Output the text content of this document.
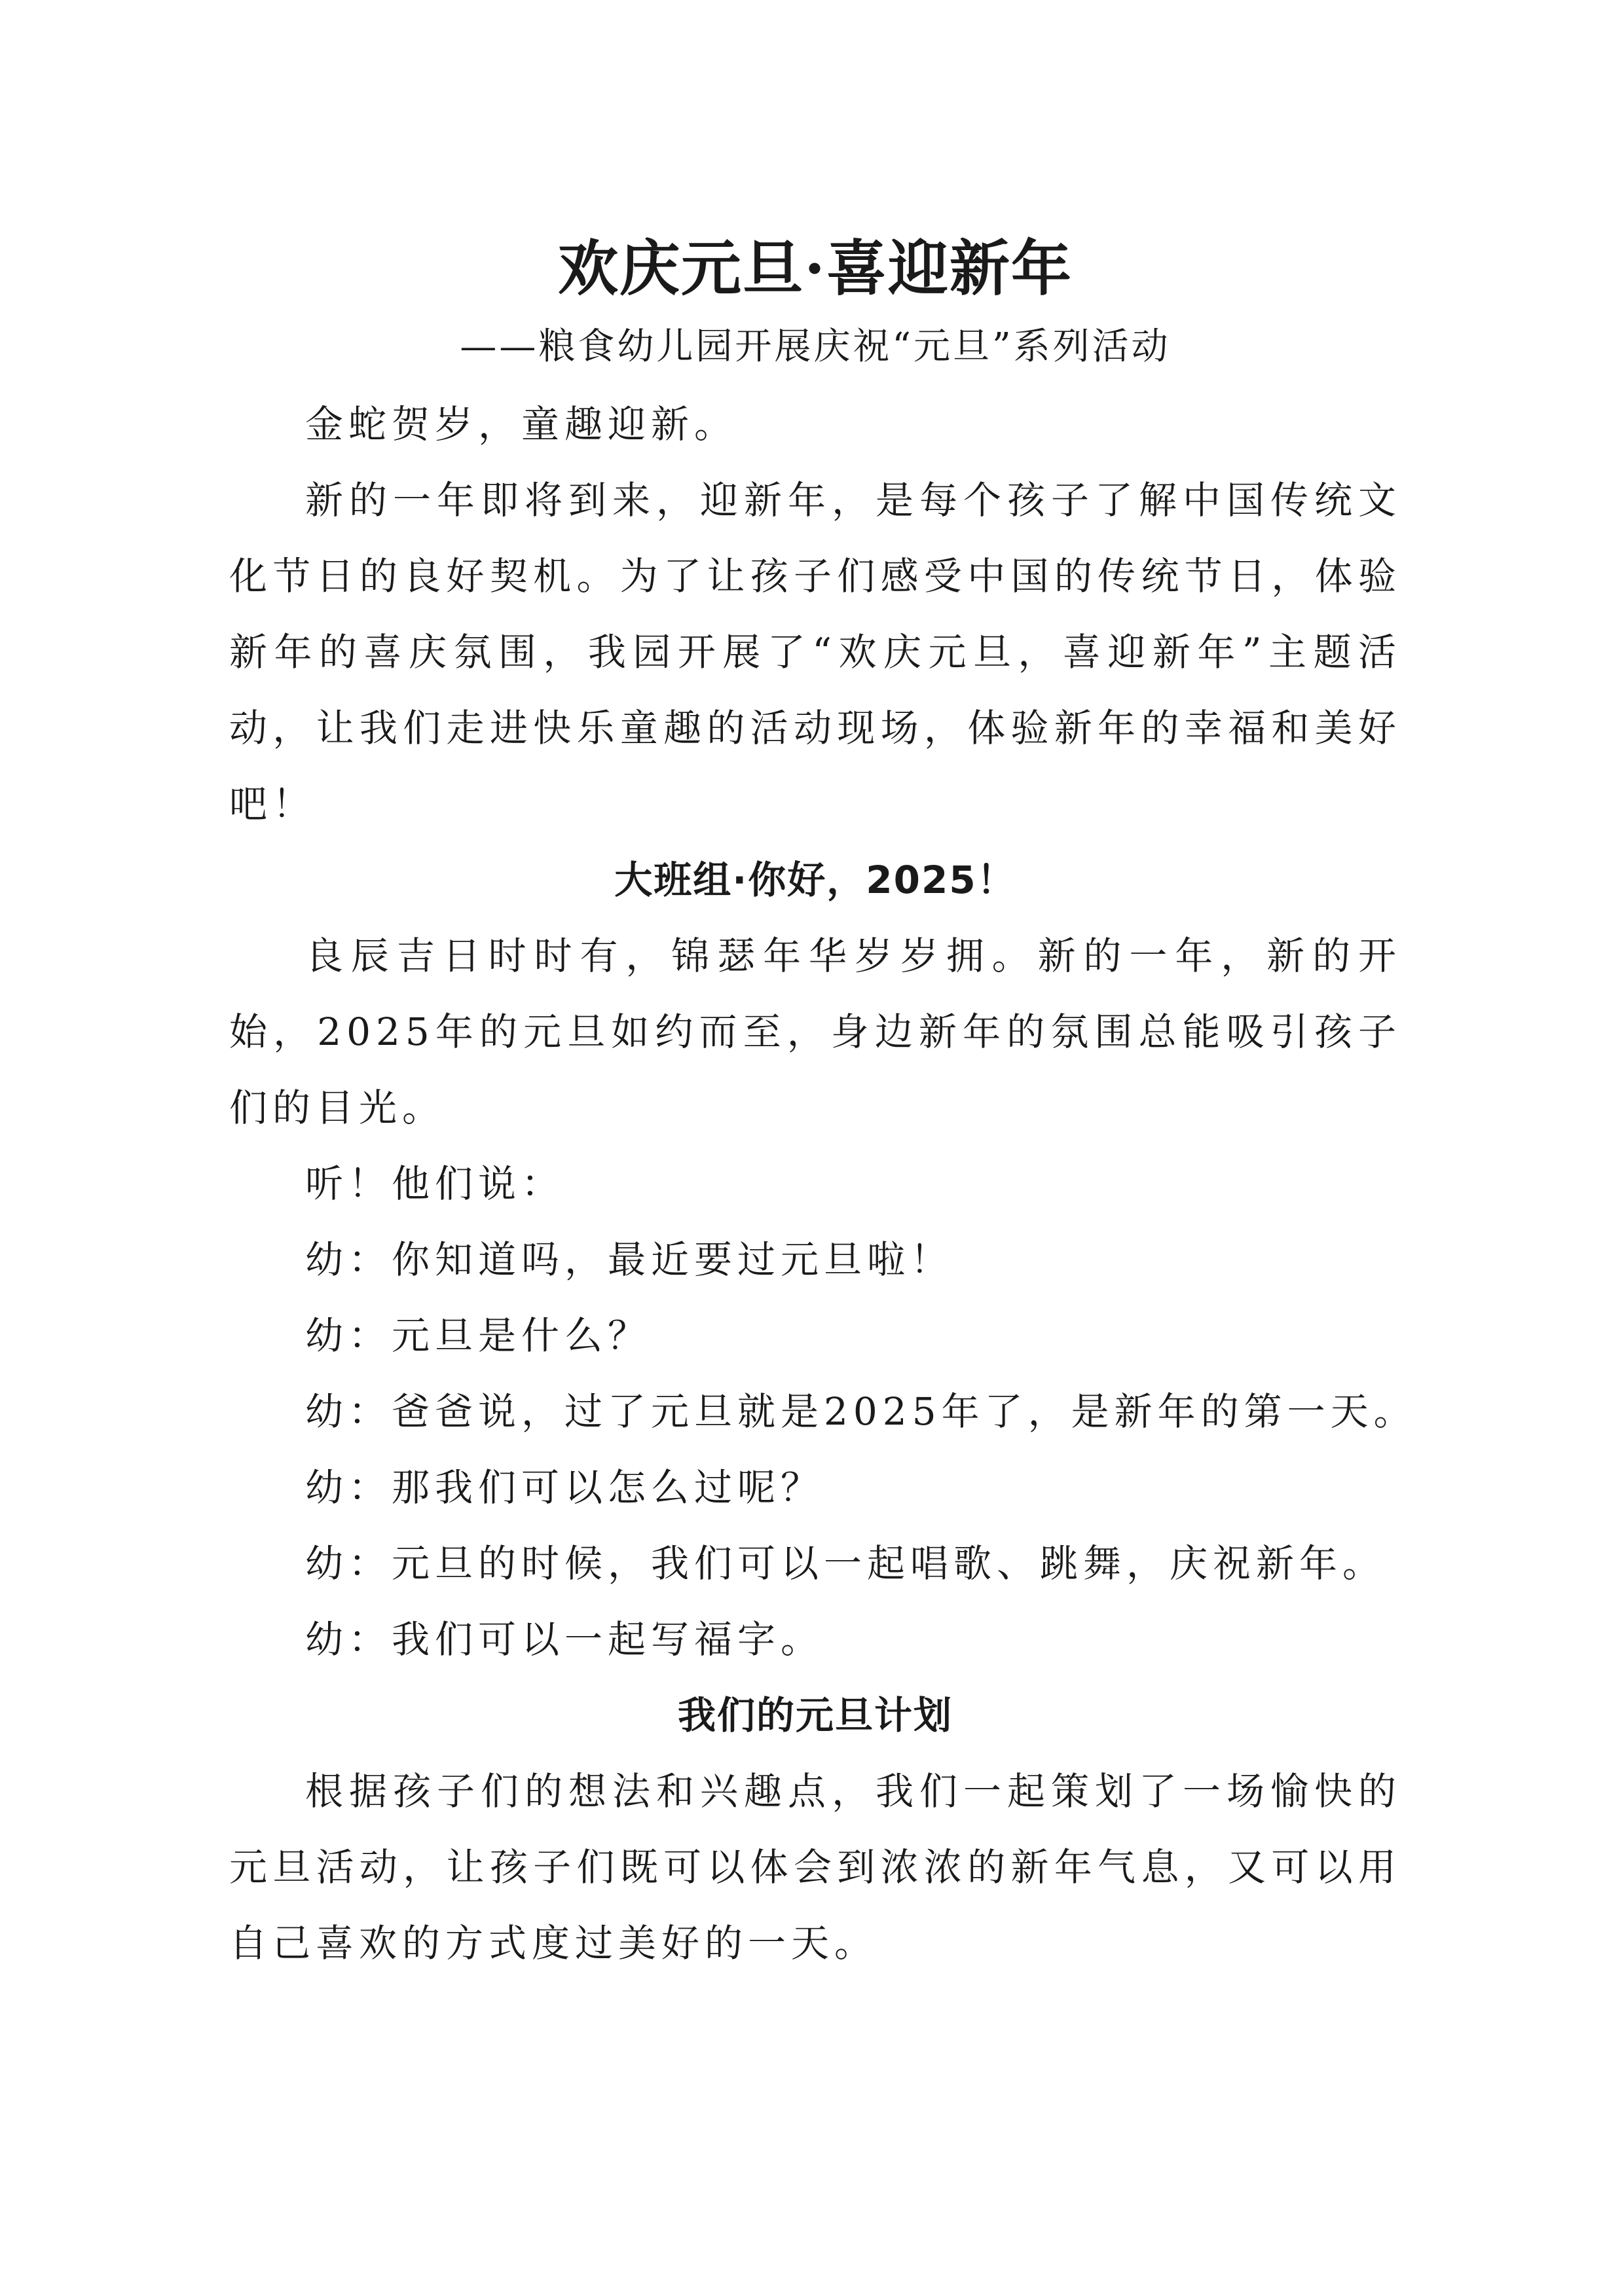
欢庆元旦·喜迎新年

——粮食幼儿园开展庆祝“元旦”系列活动

金蛇贺岁，童趣迎新。

新的一年即将到来，迎新年，是每个孩子了解中国传统文化节日的良好契机。为了让孩子们感受中国的传统节日，体验新年的喜庆氛围，我园开展了“欢庆元旦，喜迎新年”主题活动，让我们走进快乐童趣的活动现场，体验新年的幸福和美好吧！

大班组·你好，2025！

良辰吉日时时有，锦瑟年华岁岁拥。新的一年，新的开始，2025年的元旦如约而至，身边新年的氛围总能吸引孩子们的目光。

听！他们说：

幼：你知道吗，最近要过元旦啦！

幼：元旦是什么？

幼：爸爸说，过了元旦就是2025年了，是新年的第一天。

幼：那我们可以怎么过呢？

幼：元旦的时候，我们可以一起唱歌、跳舞，庆祝新年。

幼：我们可以一起写福字。

我们的元旦计划

根据孩子们的想法和兴趣点，我们一起策划了一场愉快的元旦活动，让孩子们既可以体会到浓浓的新年气息，又可以用自己喜欢的方式度过美好的一天。
